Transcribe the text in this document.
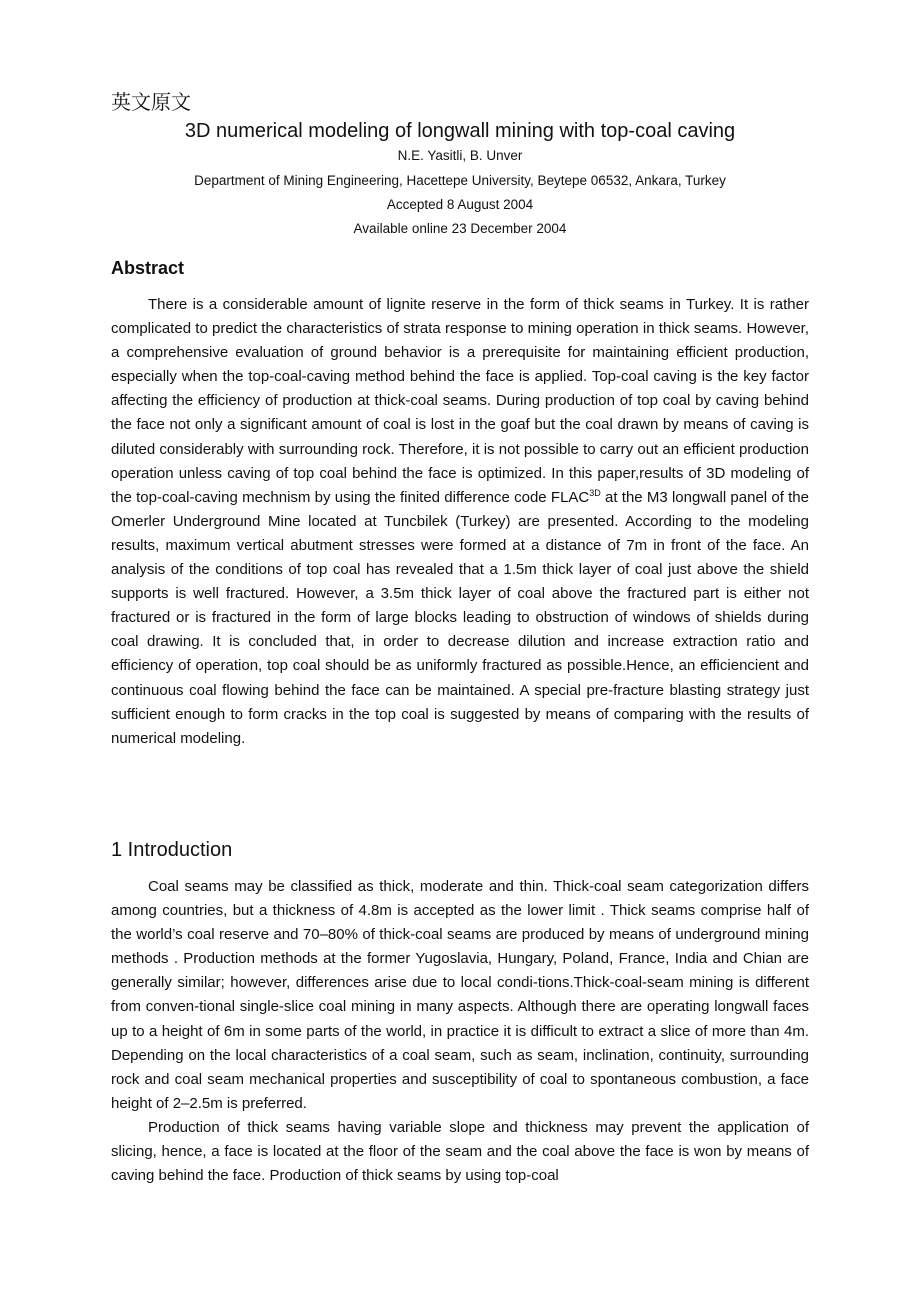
英文原文
3D numerical modeling of longwall mining with top-coal caving
N.E. Yasitli, B. Unver
Department of Mining Engineering, Hacettepe University, Beytepe 06532, Ankara, Turkey
Accepted 8 August 2004
Available online 23 December 2004
Abstract

There is a considerable amount of lignite reserve in the form of thick seams in Turkey. It is rather complicated to predict the characteristics of strata response to mining operation in thick seams. However, a comprehensive evaluation of ground behavior is a prerequisite for maintaining efficient production, especially when the top-coal-caving method behind the face is applied. Top-coal caving is the key factor affecting the efficiency of production at thick-coal seams. During production of top coal by caving behind the face not only a significant amount of coal is lost in the goaf but the coal drawn by means of caving is diluted considerably with surrounding rock. Therefore, it is not possible to carry out an efficient production operation unless caving of top coal behind the face is optimized. In this paper,results of 3D modeling of the top-coal-caving mechnism by using the finited difference code $FLAC^{3D}$ at the M3 longwall panel of the Omerler Underground Mine located at Tuncbilek (Turkey) are presented. According to the modeling results, maximum vertical abutment stresses were formed at a distance of 7m in front of the face. An analysis of the conditions of top coal has revealed that a 1.5m thick layer of coal just above the shield supports is well fractured. However, a 3.5m thick layer of coal above the fractured part is either not fractured or is fractured in the form of large blocks leading to obstruction of windows of shields during coal drawing. It is concluded that, in order to decrease dilution and increase extraction ratio and efficiency of operation, top coal should be as uniformly fractured as possible.Hence, an efficiencient and continuous coal flowing behind the face can be maintained. A special pre-fracture blasting strategy just sufficient enough to form cracks in the top coal is suggested by means of comparing with the results of numerical modeling.

1 Introduction

Coal seams may be classified as thick, moderate and thin. Thick-coal seam categorization differs among countries, but a thickness of 4.8m is accepted as the lower limit . Thick seams comprise half of the world’s coal reserve and 70–80% of thick-coal seams are produced by means of underground mining methods . Production methods at the former Yugoslavia, Hungary, Poland, France, India and Chian are generally similar; however, differences arise due to local condi-tions.Thick-coal-seam mining is different from conven-tional single-slice coal mining in many aspects. Although there are operating longwall faces up to a height of 6m in some parts of the world, in practice it is difficult to extract a slice of more than 4m. Depending on the local characteristics of a coal seam, such as seam, inclination, continuity, surrounding rock and coal seam mechanical properties and susceptibility of coal to spontaneous combustion, a face height of 2–2.5m is preferred.

Production of thick seams having variable slope and thickness may prevent the application of slicing, hence, a face is located at the floor of the seam and the coal above the face is won by means of caving behind the face. Production of thick seams by using top-coal
